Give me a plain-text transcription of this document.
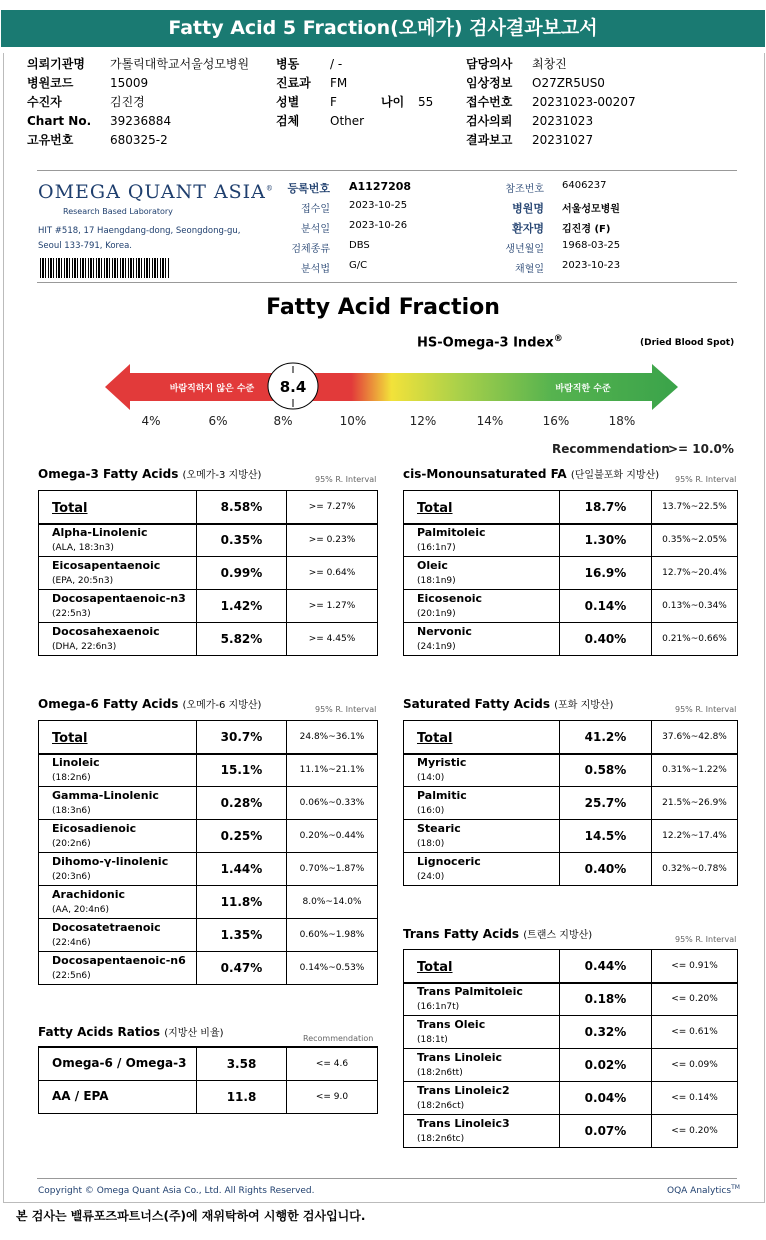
Fatty Acid 5 Fraction(오메가) 검사결과보고서
의뢰기관명 가톨릭대학교서울성모병원
병원코드	15009
수진자	김진경
Chart No. 39236884
고유번호	680325-2
병동	/ -
진료과 FM
성별	F
검체	Other
담당의사 최창진
임상정보 O27ZR5US0
접수번호 20231023-00207
검사의뢰 20231023
결과보고 20231027
나이 55
OMEGA QUANT ASIA®
Research Based Laboratory
HIT #518, 17 Haengdang-dong, Seongdong-gu,
Seoul 133-791, Korea.
등록번호 A1127208
접수일 2023-10-25
분석일 2023-10-26
검체종류 DBS
분석법 G/C
참조번호 6406237
병원명 서울성모병원
환자명 김진경 (F)
생년월일 1968-03-25
채혈일 2023-10-23
Fatty Acid Fraction
HS-Omega-3 Index®	(Dried Blood Spot)
바람직하지 않은 수준	바람직한 수준
8.4
4%	6%	8%	10%	12%	14%	16%	18%
Recommendation
>= 10.0%
Omega-3 Fatty Acids (오메가-3 지방산)	95% R. Interval
Total	8.58%	>= 7.27%
Alpha-Linolenic
(ALA, 18:3n3)	0.35%	>= 0.23%
Eicosapentaenoic
(EPA, 20:5n3)	0.99%	>= 0.64%
Docosapentaenoic-n3
(22:5n3)	1.42%	>= 1.27%
Docosahexaenoic
(DHA, 22:6n3)	5.82%	>= 4.45%
cis-Monounsaturated FA (단일불포화 지방산) 95% R. Interval
Total	18.7%	13.7%~22.5%
Palmitoleic
(16:1n7)	1.30%	0.35%~2.05%
Oleic
(18:1n9)	16.9%	12.7%~20.4%
Eicosenoic
(20:1n9)	0.14%	0.13%~0.34%
Nervonic
(24:1n9)	0.40%	0.21%~0.66%
Omega-6 Fatty Acids (오메가-6 지방산)	95% R. Interval
Total	30.7%	24.8%~36.1%
Linoleic
(18:2n6)	15.1%	11.1%~21.1%
Gamma-Linolenic
(18:3n6)	0.28%	0.06%~0.33%
Eicosadienoic
(20:2n6)	0.25%	0.20%~0.44%
Dihomo-γ-linolenic
(20:3n6)	1.44%	0.70%~1.87%
Arachidonic
(AA, 20:4n6)	11.8%	8.0%~14.0%
Docosatetraenoic
(22:4n6)	1.35%	0.60%~1.98%
Docosapentaenoic-n6
(22:5n6)	0.47%	0.14%~0.53%
Saturated Fatty Acids (포화 지방산)	95% R. Interval
Total	41.2%	37.6%~42.8%
Myristic
(14:0)	0.58%	0.31%~1.22%
Palmitic
(16:0)	25.7%	21.5%~26.9%
Stearic
(18:0)	14.5%	12.2%~17.4%
Lignoceric
(24:0)	0.40%	0.32%~0.78%
Trans Fatty Acids (트랜스 지방산)	95% R. Interval
Total	0.44%	<= 0.91%
Trans Palmitoleic
(16:1n7t)	0.18%	<= 0.20%
Trans Oleic
(18:1t)	0.32%	<= 0.61%
Trans Linoleic
(18:2n6tt)	0.02%	<= 0.09%
Trans Linoleic2
(18:2n6ct)	0.04%	<= 0.14%
Trans Linoleic3
(18:2n6tc)	0.07%	<= 0.20%
Fatty Acids Ratios (지방산 비율)	Recommendation
Omega-6 / Omega-3	3.58	<= 4.6
AA / EPA	11.8	<= 9.0
Copyright © Omega Quant Asia Co., Ltd. All Rights Reserved.	OQA Analytics™
본 검사는 밸류포즈파트너스(주)에 재위탁하여 시행한 검사입니다.
